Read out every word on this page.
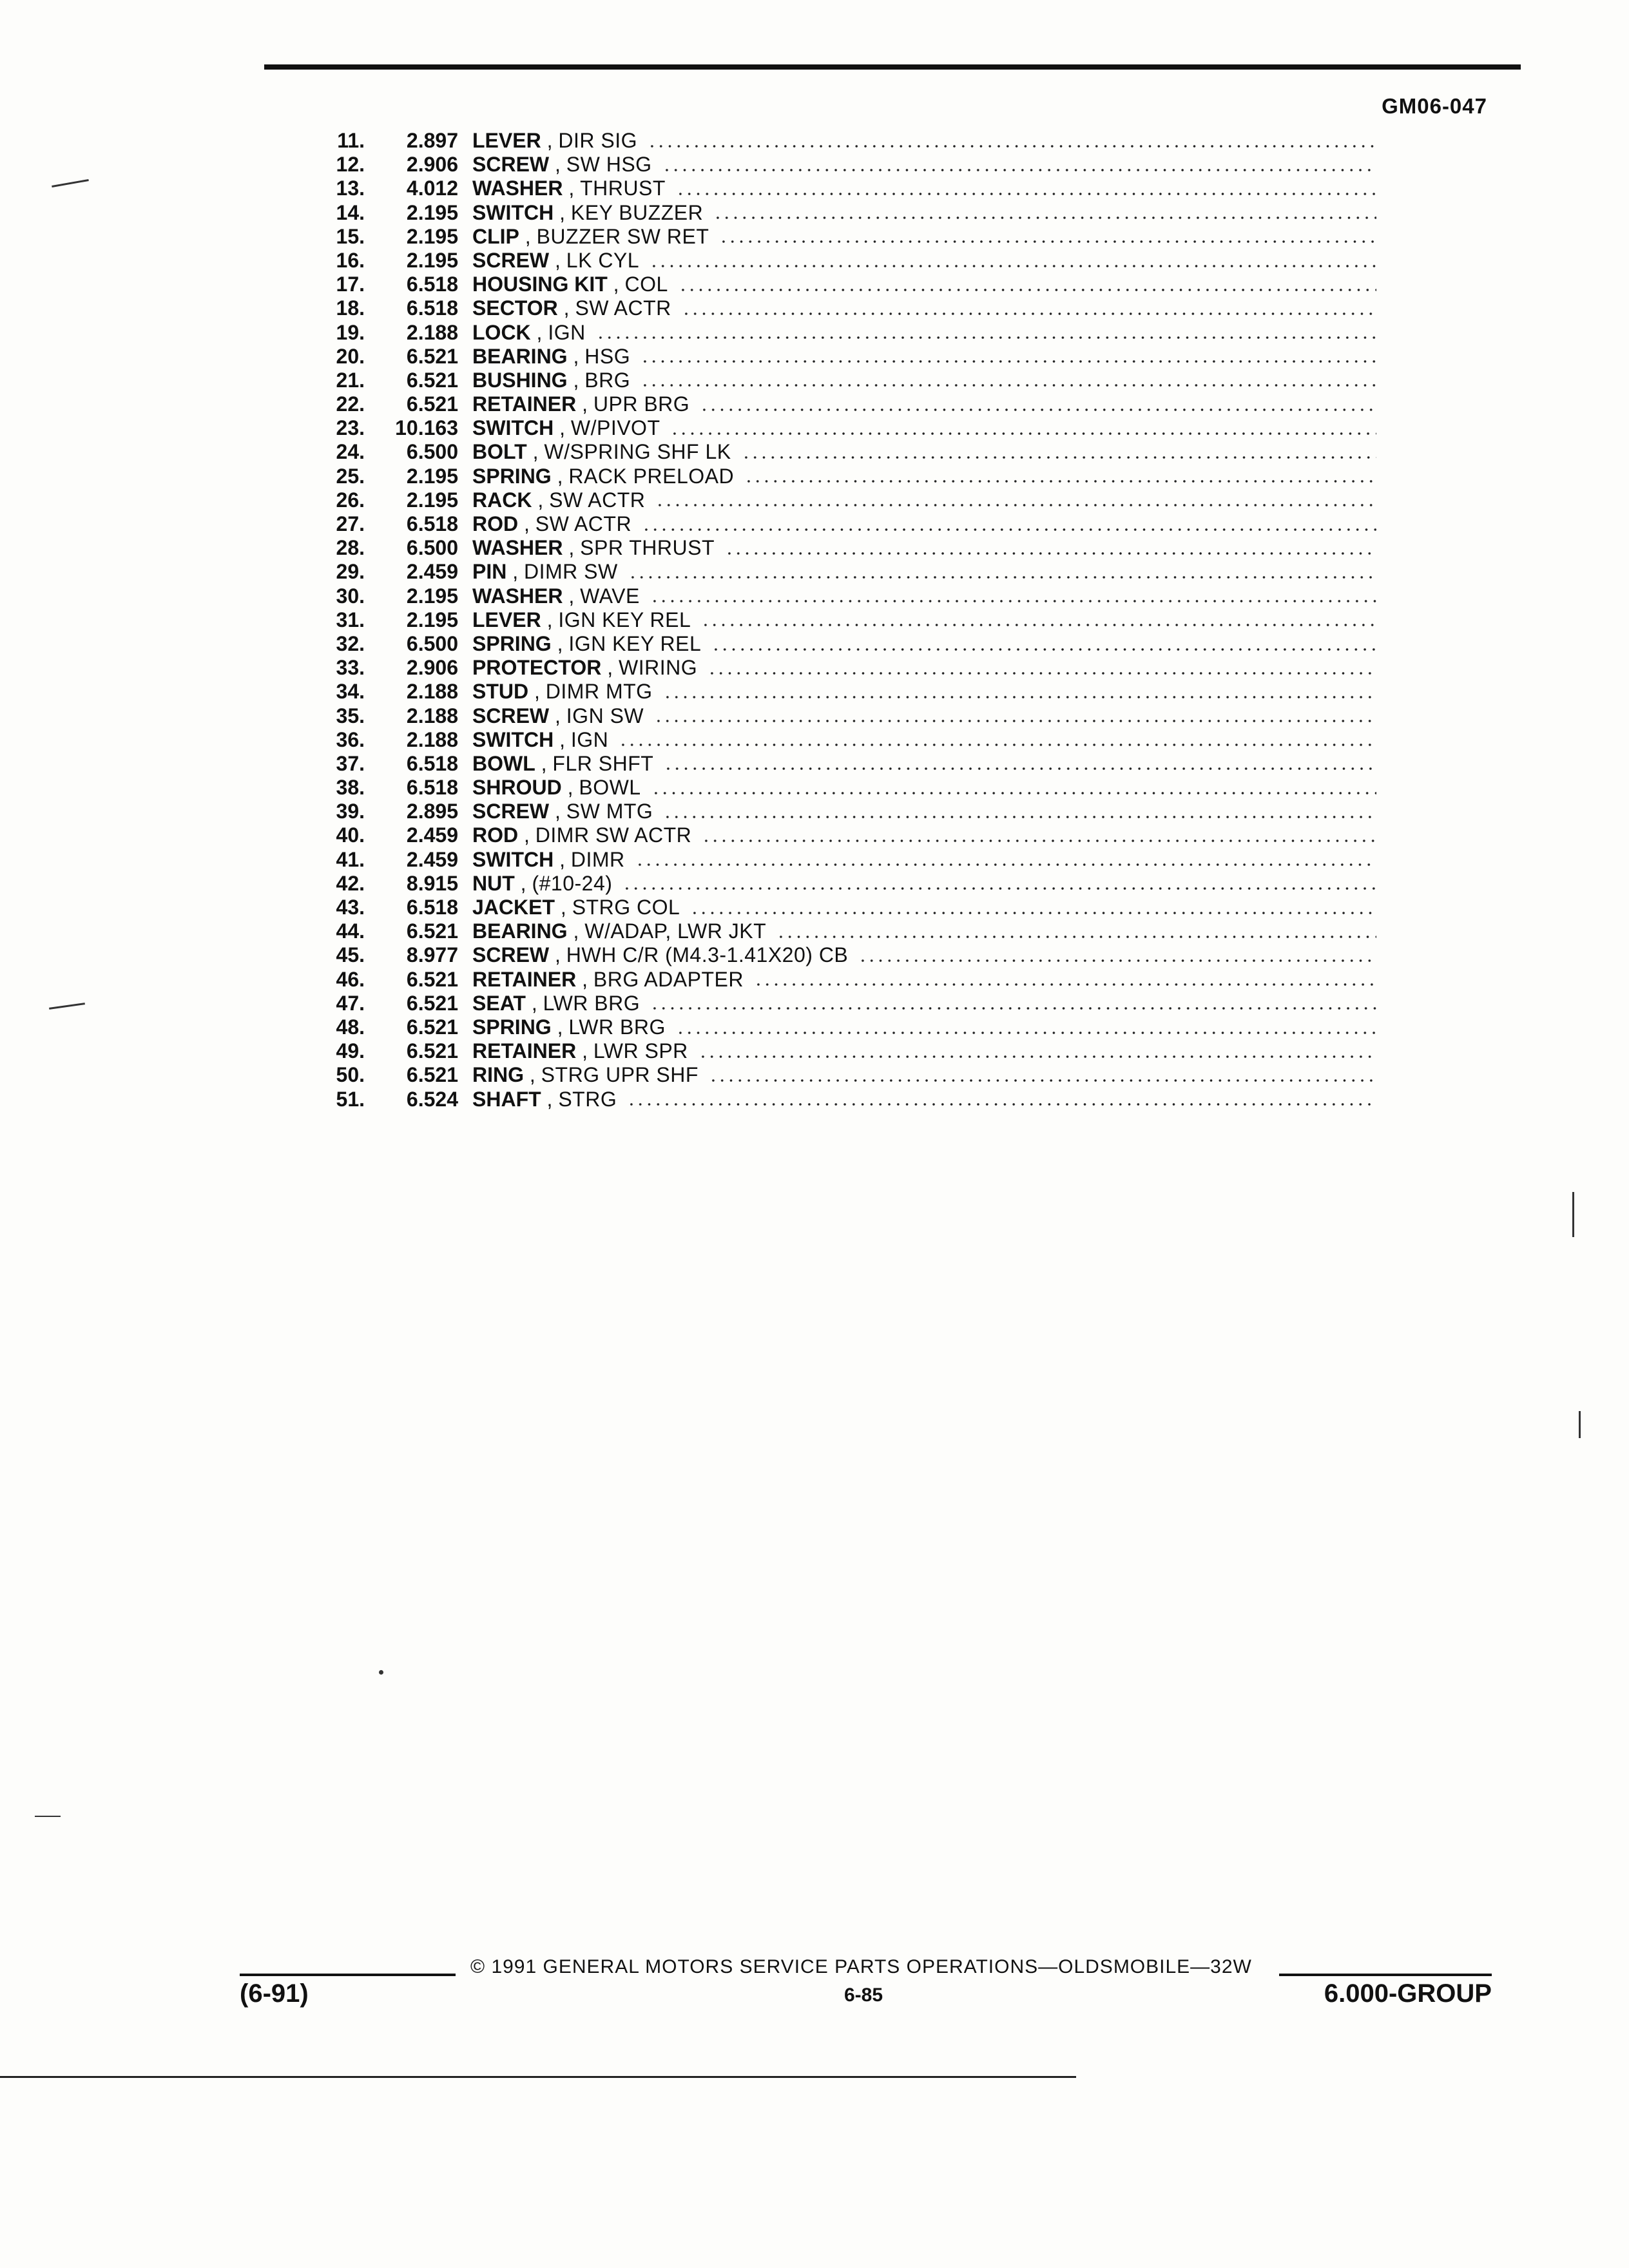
GM06-047
11.	2.897 LEVER , DIR SIG
12.	2.906 SCREW , SW HSG
13.	4.012 WASHER , THRUST
14.	2.195 SWITCH , KEY BUZZER
15.	2.195 CLIP , BUZZER SW RET
16.	2.195 SCREW , LK CYL
17.	6.518 HOUSING KIT , COL
18.	6.518 SECTOR , SW ACTR
19.	2.188 LOCK , IGN
20.	6.521 BEARING , HSG
21.	6.521 BUSHING , BRG
22.	6.521 RETAINER , UPR BRG
23.	10.163 SWITCH , W/PIVOT
24.	6.500 BOLT , W/SPRING SHF LK
25.	2.195 SPRING , RACK PRELOAD
26.	2.195 RACK , SW ACTR
27.	6.518 ROD , SW ACTR
28.	6.500 WASHER , SPR THRUST
29.	2.459 PIN , DIMR SW
30.	2.195 WASHER , WAVE
31.	2.195 LEVER , IGN KEY REL
32.	6.500 SPRING , IGN KEY REL
33.	2.906 PROTECTOR , WIRING
34.	2.188 STUD , DIMR MTG
35.	2.188 SCREW , IGN SW
36.	2.188 SWITCH , IGN
37.	6.518 BOWL , FLR SHFT
38.	6.518 SHROUD , BOWL
39.	2.895 SCREW , SW MTG
40.	2.459 ROD , DIMR SW ACTR
41.	2.459 SWITCH , DIMR
42.	8.915 NUT , (#10-24)
43.	6.518 JACKET , STRG COL
44.	6.521 BEARING , W/ADAP, LWR JKT
45.	8.977 SCREW , HWH C/R (M4.3-1.41X20) CB
46.	6.521 RETAINER , BRG ADAPTER
47.	6.521 SEAT , LWR BRG
48.	6.521 SPRING , LWR BRG
49.	6.521 RETAINER , LWR SPR
50.	6.521 RING , STRG UPR SHF
51.	6.524 SHAFT , STRG
© 1991 GENERAL MOTORS SERVICE PARTS OPERATIONS—OLDSMOBILE—32W
(6-91)	6-85	6.000-GROUP
